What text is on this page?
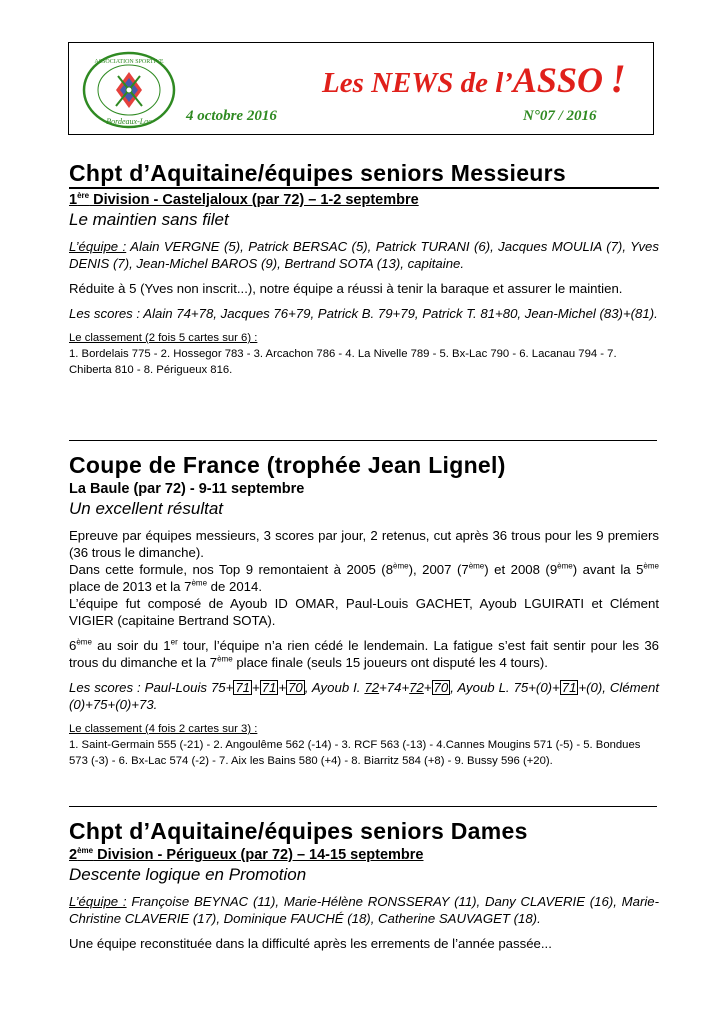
ASSOCIATION SPORTIVE
Bordeaux-Lac
Les NEWS de l’ASSO !
4 octobre 2016	N°07 / 2016
Chpt d’Aquitaine/équipes seniors Messieurs
1ère Division - Casteljaloux (par 72) – 1-2 septembre
Le maintien sans filet

L’équipe : Alain VERGNE (5), Patrick BERSAC (5), Patrick TURANI (6), Jacques MOULIA (7), Yves DENIS (7), Jean-Michel BAROS (9), Bertrand SOTA (13), capitaine.

Réduite à 5 (Yves non inscrit...), notre équipe a réussi à tenir la baraque et assurer le maintien.

Les scores : Alain 74+78, Jacques 76+79, Patrick B. 79+79, Patrick T. 81+80, Jean-Michel (83)+(81).

Le classement (2 fois 5 cartes sur 6) :
1. Bordelais 775 - 2. Hossegor 783 - 3. Arcachon 786 - 4. La Nivelle 789 - 5. Bx-Lac 790 - 6. Lacanau 794 - 7. Chiberta 810 - 8. Périgueux 816.
Coupe de France (trophée Jean Lignel)
La Baule (par 72) - 9-11 septembre
Un excellent résultat

Epreuve par équipes messieurs, 3 scores par jour, 2 retenus, cut après 36 trous pour les 9 premiers (36 trous le dimanche).

Dans cette formule, nos Top 9 remontaient à 2005 (8ème), 2007 (7ème) et 2008 (9ème) avant la 5ème place de 2013 et la 7ème de 2014.

L’équipe fut composé de Ayoub ID OMAR, Paul-Louis GACHET, Ayoub LGUIRATI et Clément VIGIER (capitaine Bertrand SOTA).

6ème au soir du 1er tour, l’équipe n’a rien cédé le lendemain. La fatigue s’est fait sentir pour les 36 trous du dimanche et la 7ème place finale (seuls 15 joueurs ont disputé les 4 tours).

Les scores : Paul-Louis 75+ 71 + 71 + 70 , Ayoub I. 72+74+72+ 70 , Ayoub L. 75+(0)+ 71 +(0), Clément (0)+75+(0)+73.

Le classement (4 fois 2 cartes sur 3) :
1. Saint-Germain 555 (-21) - 2. Angoulême 562 (-14) - 3. RCF 563 (-13) - 4.Cannes Mougins 571 (-5) - 5. Bondues 573 (-3) - 6. Bx-Lac 574 (-2) - 7. Aix les Bains 580 (+4) - 8. Biarritz 584 (+8) - 9. Bussy 596 (+20).
Chpt d’Aquitaine/équipes seniors Dames
2ème Division - Périgueux (par 72) – 14-15 septembre
Descente logique en Promotion

L’équipe : Françoise BEYNAC (11), Marie-Hélène RONSSERAY (11), Dany CLAVERIE (16), Marie-Christine CLAVERIE (17), Dominique FAUCHÉ (18), Catherine SAUVAGET (18).

Une équipe reconstituée dans la difficulté après les errements de l’année passée...
